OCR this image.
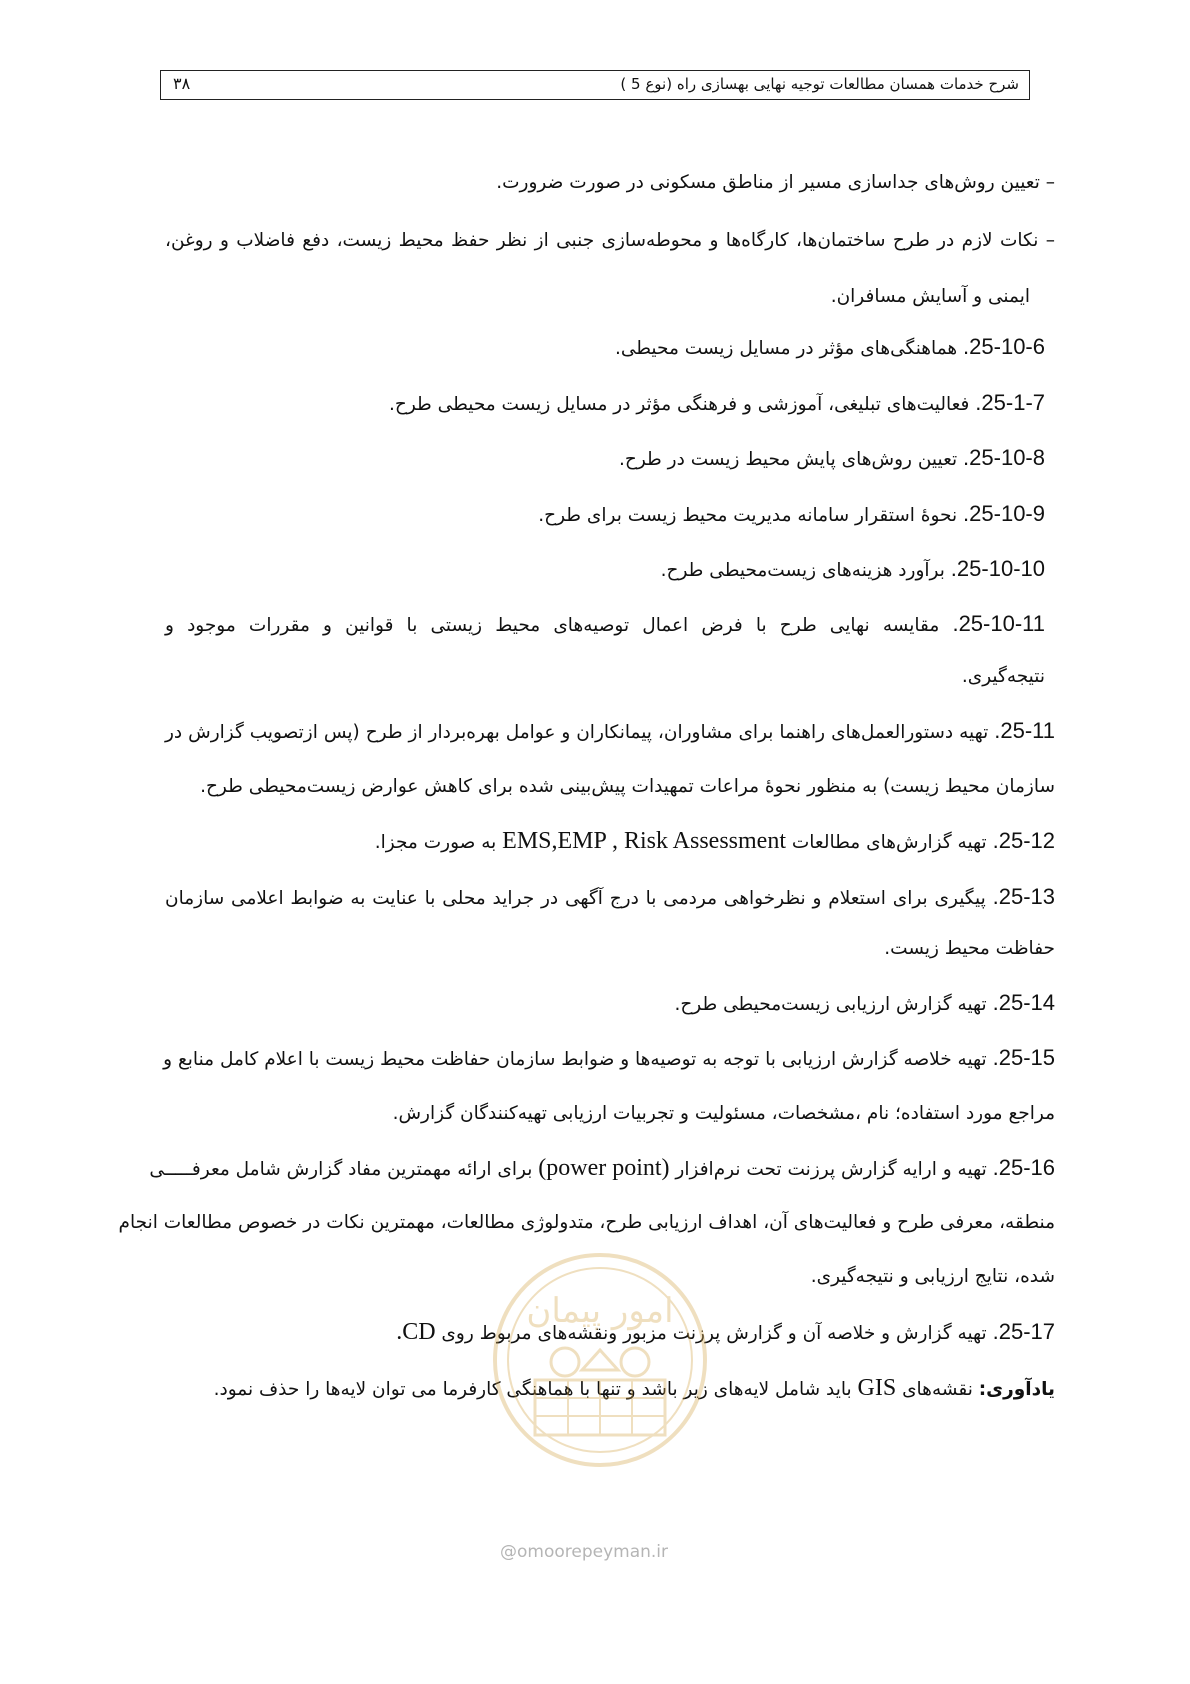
شرح خدمات همسان مطالعات توجیه نهایی بهسازی راه (نوع 5 )
۳۸
– تعیین روش‌های جداسازی مسیر از مناطق مسکونی در صورت ضرورت.
– نکات لازم در طرح ساختمان‌ها، کارگاه‌ها و محوطه‌سازی جنبی از نظر حفظ محیط زیست، دفع فاضلاب و روغن،
ایمنی و آسایش مسافران.
25-10-6. هماهنگی‌های مؤثر در مسایل زیست محیطی.
25-1-7. فعالیت‌های تبلیغی، آموزشی و فرهنگی مؤثر در مسایل زیست محیطی طرح.
25-10-8. تعیین روش‌های پایش محیط زیست در طرح.
25-10-9. نحوهٔ استقرار سامانه مدیریت محیط زیست برای طرح.
25-10-10. برآورد هزینه‌های زیست‌محیطی طرح.
25-10-11. مقایسه نهایی طرح با فرض اعمال توصیه‌های محیط زیستی با قوانین و مقررات موجود و
نتیجه‌گیری.
25-11. تهیه دستورالعمل‌های راهنما برای مشاوران، پیمانکاران و عوامل بهره‌بردار از طرح (پس ازتصویب گزارش در
سازمان محیط زیست) به منظور نحوهٔ مراعات تمهیدات پیش‌بینی شده برای کاهش عوارض زیست‌محیطی طرح.
25-12. تهیه گزارش‌های مطالعات EMS,EMP , Risk Assessment به صورت مجزا.
25-13. پیگیری برای استعلام و نظرخواهی مردمی با درج آگهی در جراید محلی با عنایت به ضوابط اعلامی سازمان
حفاظت محیط زیست.
25-14. تهیه گزارش ارزیابی زیست‌محیطی طرح.
25-15. تهیه خلاصه گزارش ارزیابی با توجه به توصیه‌ها و ضوابط سازمان حفاظت محیط زیست با اعلام کامل منابع و
مراجع مورد استفاده؛ نام ،مشخصات، مسئولیت و تجربیات ارزیابی تهیه‌کنندگان گزارش.
25-16. تهیه و ارایه گزارش پرزنت تحت نرم‌افزار (power point) برای ارائه مهمترین مفاد گزارش شامل معرفـــــی
منطقه، معرفی طرح و فعالیت‌های آن، اهداف ارزیابی طرح، متدولوژی مطالعات، مهمترین نکات در خصوص مطالعات انجام
شده، نتایج ارزیابی و نتیجه‌گیری.
25-17. تهیه گزارش و خلاصه آن و گزارش پرزنت مزبور ونقشه‌های مربوط روی CD.
یادآوری: نقشه‌های GIS باید شامل لایه‌های زیر باشد و تنها با هماهنگی کارفرما می توان لایه‌ها را حذف نمود.
امور پیمان
@omoorepeyman.ir
